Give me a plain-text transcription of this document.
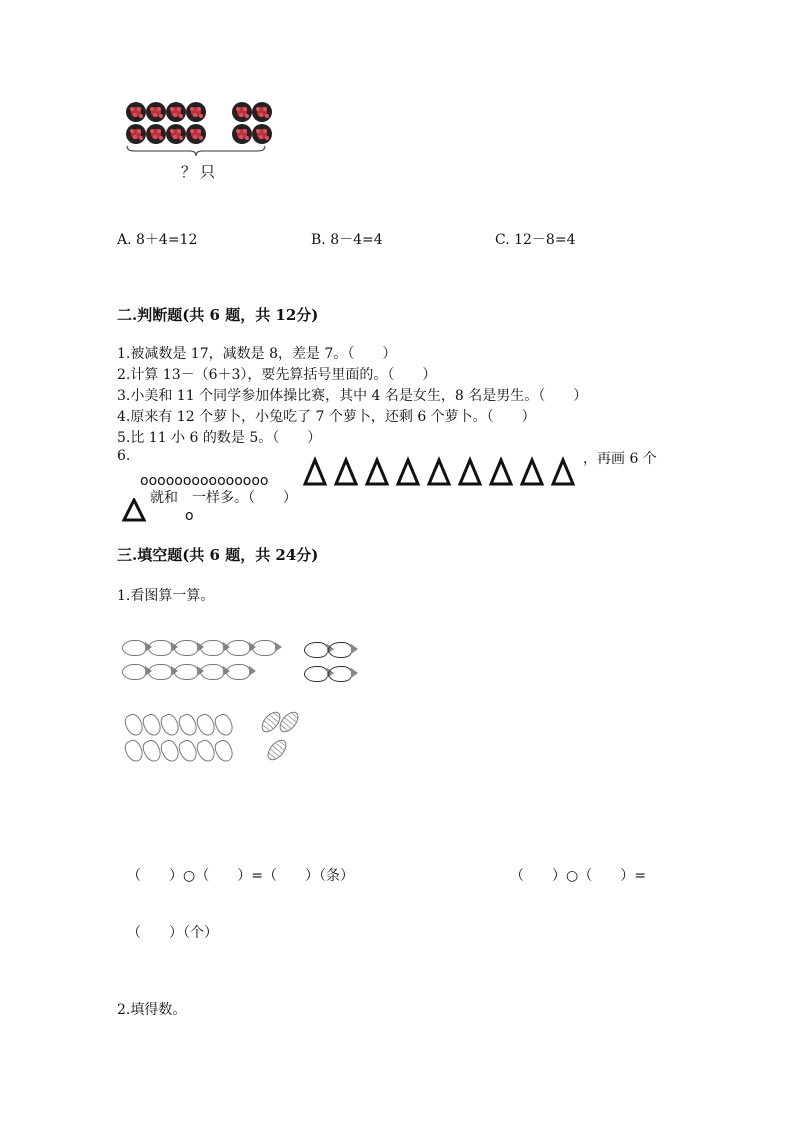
？只
A. 8＋4=12	B. 8－4=4	C. 12－8=4
二.判断题(共 6 题，共 12分)
1.被减数是 17，减数是 8，差是 7。（　　）
2.计算 13－（6＋3），要先算括号里面的。（　　）
3.小美和 11 个同学参加体操比赛，其中 4 名是女生，8 名是男生。（　　）
4.原来有 12 个萝卜，小兔吃了 7 个萝卜，还剩 6 个萝卜。（　　）
5.比 11 小 6 的数是 5。（　　）
6.
ooooooooooooooo
，再画 6 个
就和　一样多。（　　）
o
三.填空题(共 6 题，共 24分)
1.看图算一算。
（　　）○（　　）=（　　）（条）	（　　）○（　　）=
（　　）（个）
2.填得数。
